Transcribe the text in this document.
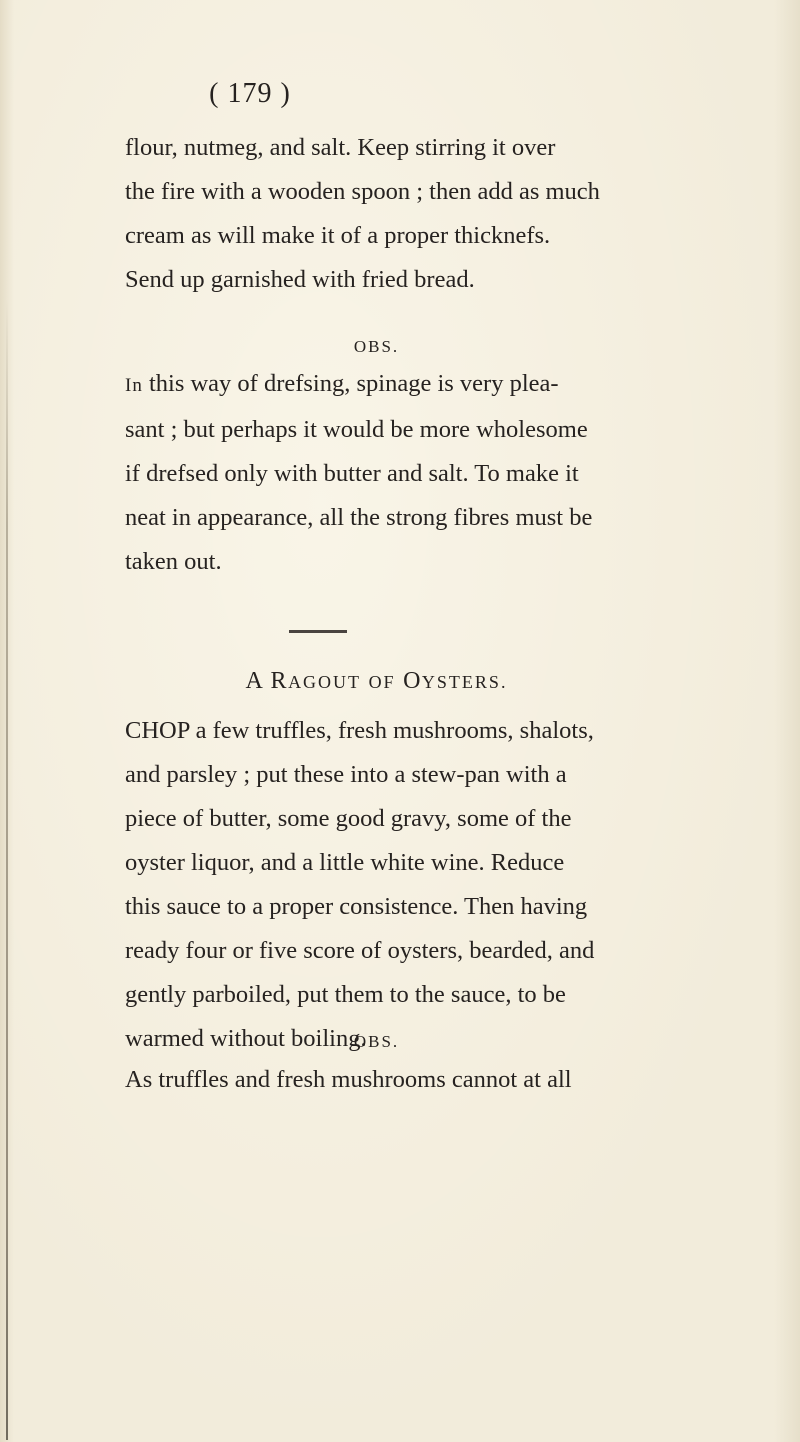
( 179 )
flour, nutmeg, and salt. Keep stirring it over
the fire with a wooden spoon ; then add as much
cream as will make it of a proper thicknefs.
Send up garnished with fried bread.
OBS.
In this way of drefsing, spinage is very plea-
sant ; but perhaps it would be more wholesome
if drefsed only with butter and salt. To make it
neat in appearance, all the strong fibres must be
taken out.
A RAGOUT OF OYSTERS.
CHOP a few truffles, fresh mushrooms, shalots,
and parsley ; put these into a stew-pan with a
piece of butter, some good gravy, some of the
oyster liquor, and a little white wine. Reduce
this sauce to a proper consistence. Then having
ready four or five score of oysters, bearded, and
gently parboiled, put them to the sauce, to be
warmed without boiling.
OBS.
As truffles and fresh mushrooms cannot at all
